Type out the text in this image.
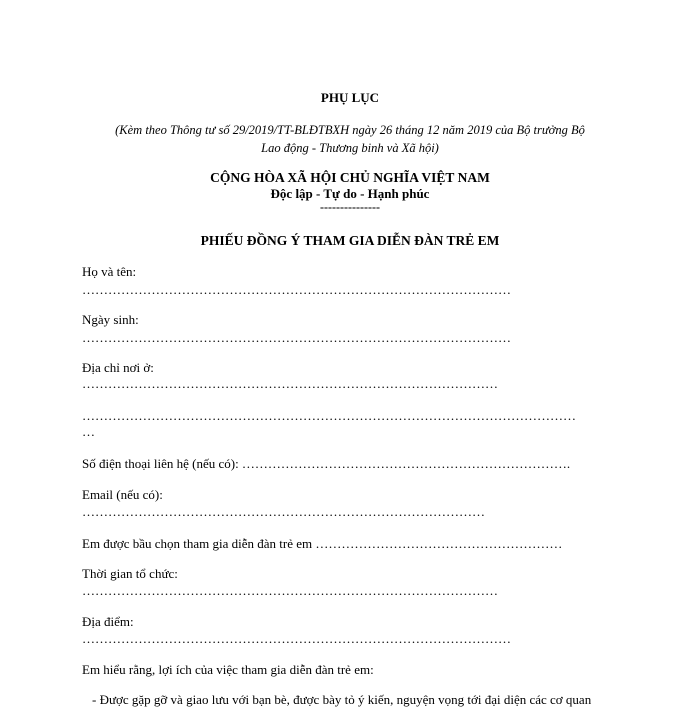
PHỤ LỤC
(Kèm theo Thông tư số 29/2019/TT-BLĐTBXH ngày 26 tháng 12 năm 2019 của Bộ trưởng Bộ
Lao động - Thương binh và Xã hội)
CỘNG HÒA XÃ HỘI CHỦ NGHĨA VIỆT NAM
Độc lập - Tự do - Hạnh phúc
---------------
PHIẾU ĐỒNG Ý THAM GIA DIỄN ĐÀN TRẺ EM
Họ và tên:
………………………………………………………………………………………
Ngày sinh:
………………………………………………………………………………………
Địa chỉ nơi ở:
……………………………………………………………………………………
……………………………………………………………………………………………………
…
Số điện thoại liên hệ (nếu có): ………………………………………………………………….
Email (nếu có):
…………………………………………………………………………………
Em được bầu chọn tham gia diễn đàn trẻ em …………………………………………………
Thời gian tổ chức:
……………………………………………………………………………………
Địa điểm:
………………………………………………………………………………………
Em hiểu rằng, lợi ích của việc tham gia diễn đàn trẻ em:
- Được gặp gỡ và giao lưu với bạn bè, được bày tỏ ý kiến, nguyện vọng tới đại diện các cơ quan
